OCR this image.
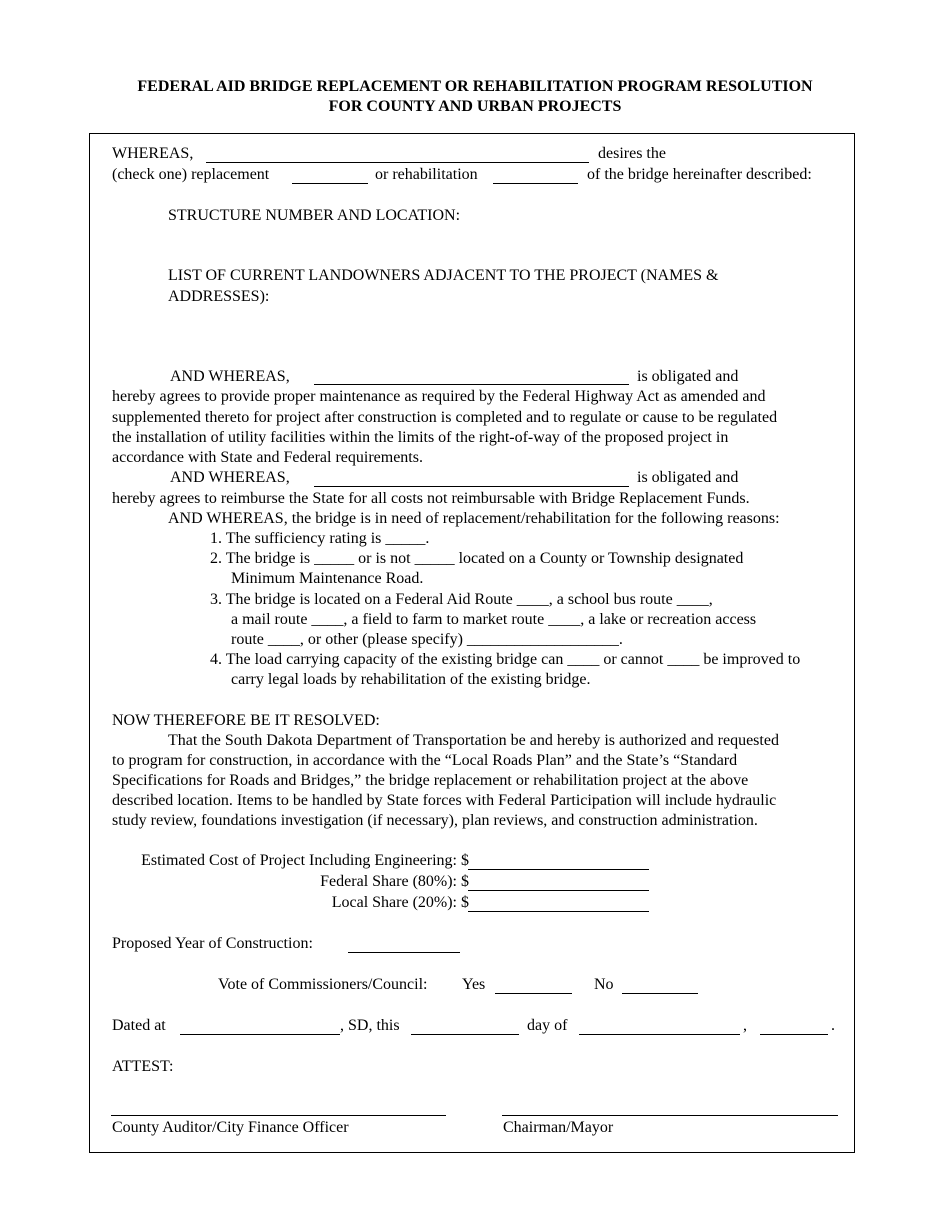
FEDERAL AID BRIDGE REPLACEMENT OR REHABILITATION PROGRAM RESOLUTION
FOR COUNTY AND URBAN PROJECTS
WHEREAS,	desires the
(check one) replacement	or rehabilitation	of the bridge hereinafter described:
STRUCTURE NUMBER AND LOCATION:
LIST OF CURRENT LANDOWNERS ADJACENT TO THE PROJECT (NAMES &
ADDRESSES):
AND WHEREAS,	is obligated and
hereby agrees to provide proper maintenance as required by the Federal Highway Act as amended and
supplemented thereto for project after construction is completed and to regulate or cause to be regulated
the installation of utility facilities within the limits of the right-of-way of the proposed project in
accordance with State and Federal requirements.
AND WHEREAS,	is obligated and
hereby agrees to reimburse the State for all costs not reimbursable with Bridge Replacement Funds.
AND WHEREAS, the bridge is in need of replacement/rehabilitation for the following reasons:
1. The sufficiency rating is _____.
2. The bridge is _____ or is not _____ located on a County or Township designated
Minimum Maintenance Road.
3. The bridge is located on a Federal Aid Route ____, a school bus route ____,
a mail route ____, a field to farm to market route ____, a lake or recreation access
route ____, or other (please specify) ___________________.
4. The load carrying capacity of the existing bridge can ____ or cannot ____ be improved to
carry legal loads by rehabilitation of the existing bridge.
NOW THEREFORE BE IT RESOLVED:
That the South Dakota Department of Transportation be and hereby is authorized and requested
to program for construction, in accordance with the “Local Roads Plan” and the State’s “Standard
Specifications for Roads and Bridges,” the bridge replacement or rehabilitation project at the above
described location. Items to be handled by State forces with Federal Participation will include hydraulic
study review, foundations investigation (if necessary), plan reviews, and construction administration.
Estimated Cost of Project Including Engineering: $
Federal Share (80%): $
Local Share (20%): $
Proposed Year of Construction:
Vote of Commissioners/Council: Yes	No
Dated at	, SD, this	day of	,	.
ATTEST:
County Auditor/City Finance Officer	Chairman/Mayor
